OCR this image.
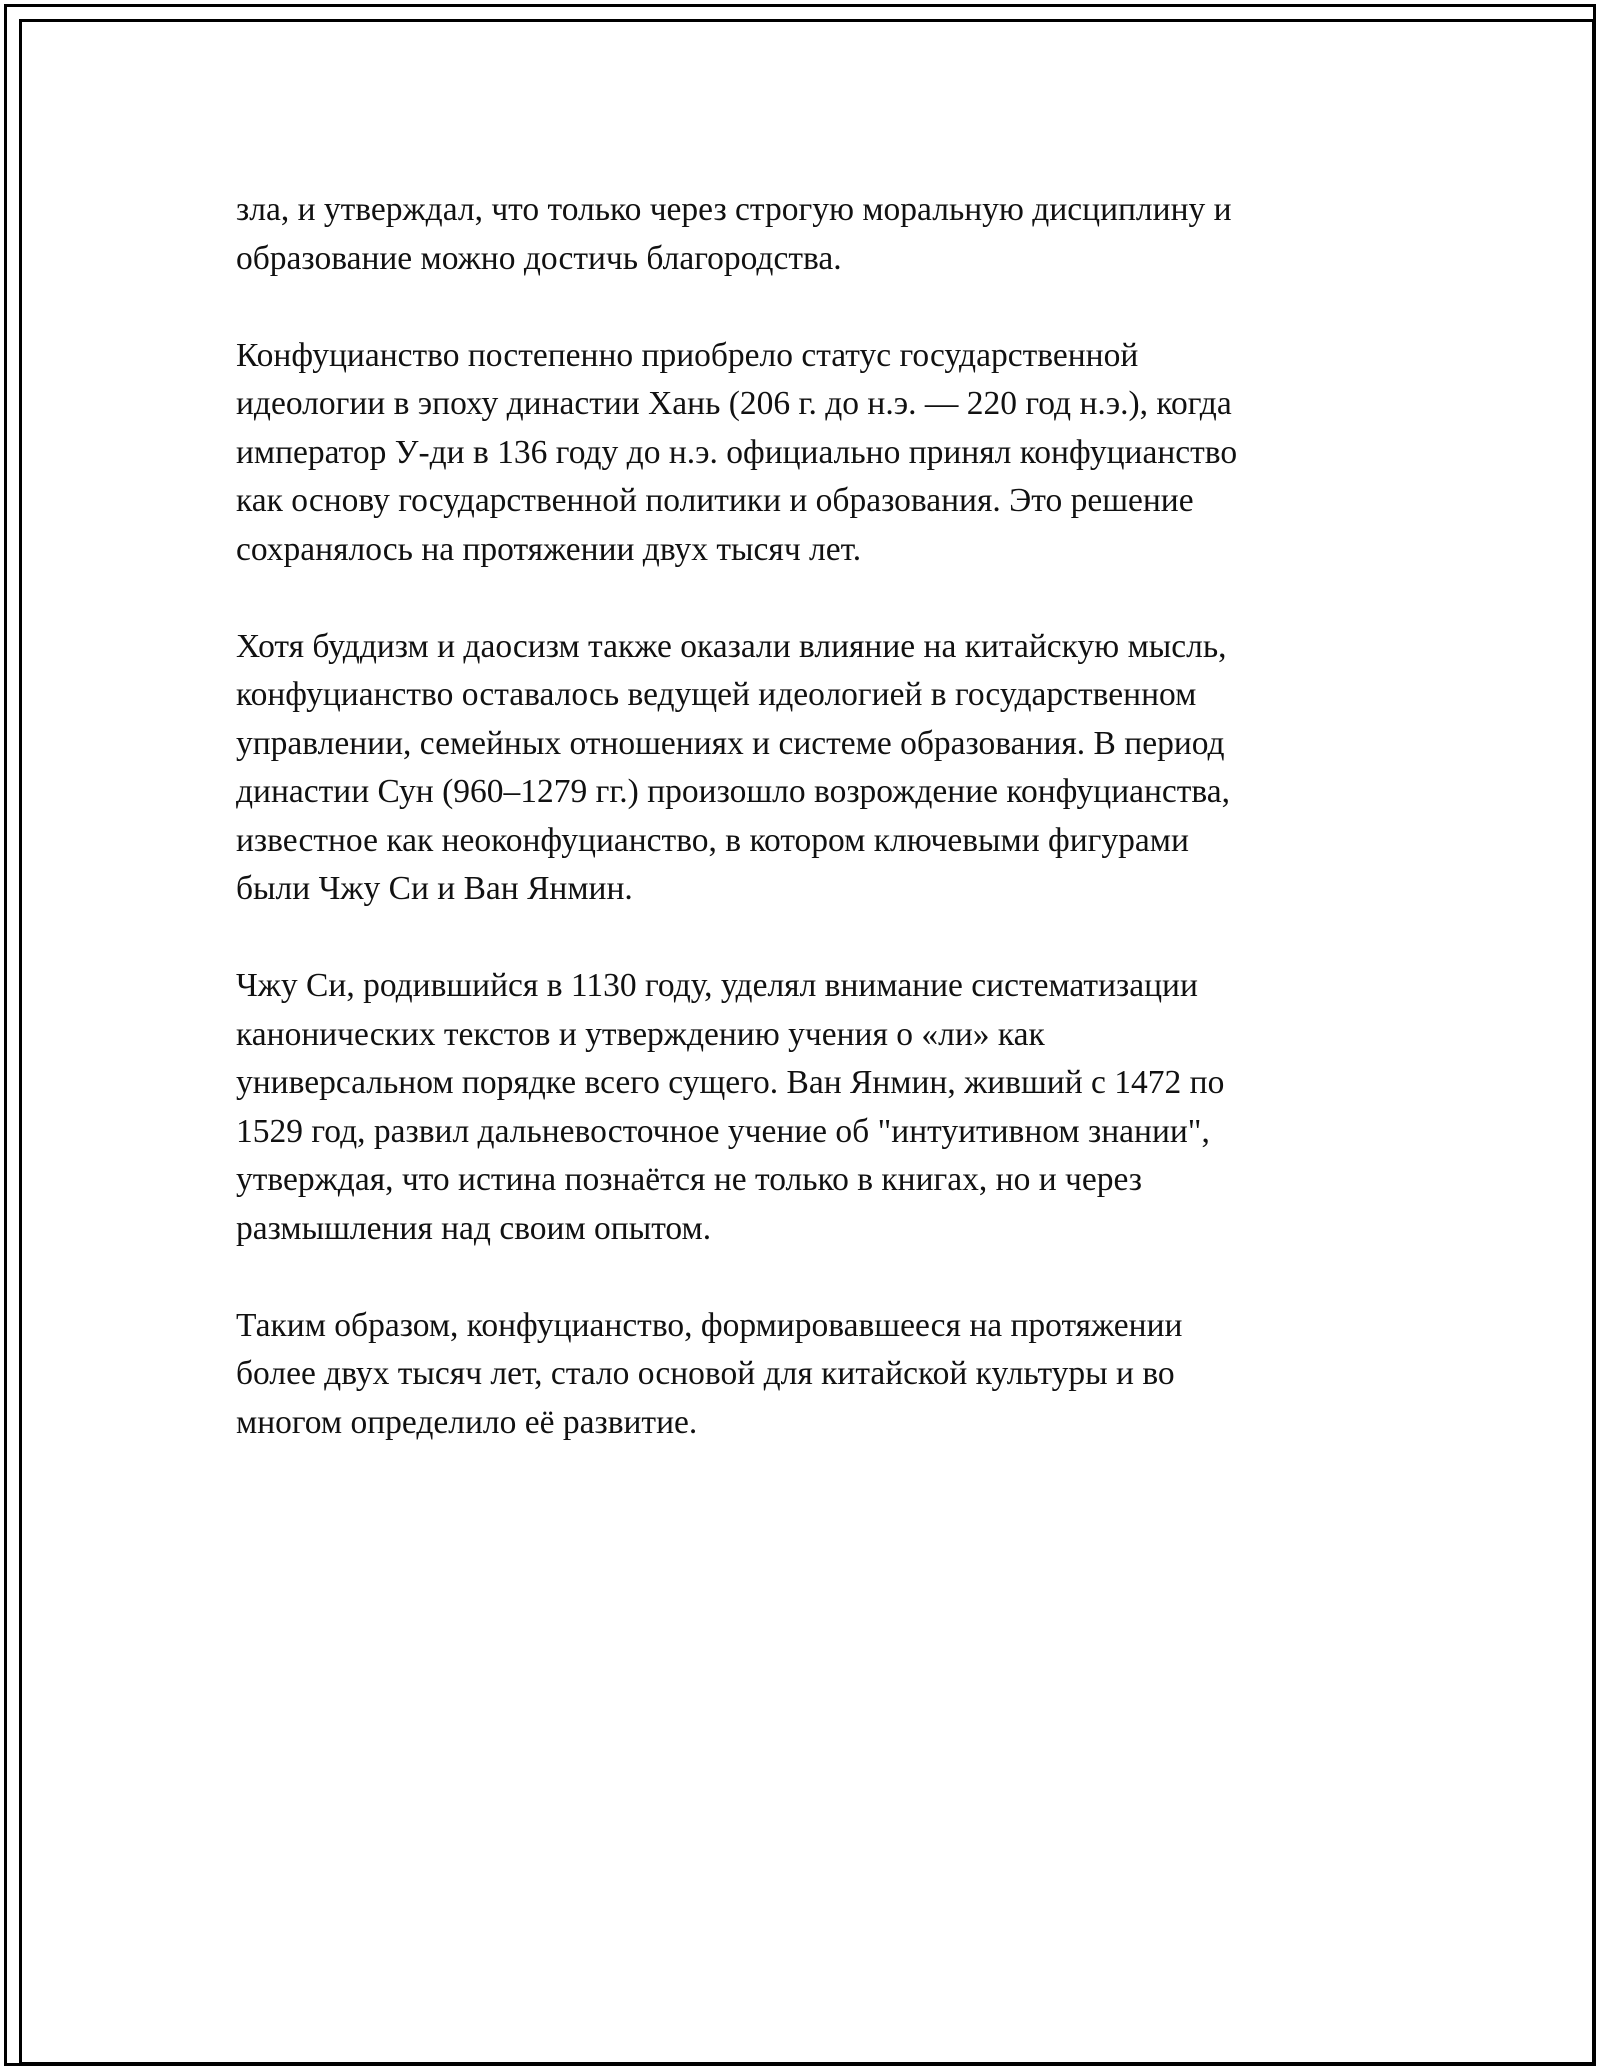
зла, и утверждал, что только через строгую моральную дисциплину и
образование можно достичь благородства.

Конфуцианство постепенно приобрело статус государственной
идеологии в эпоху династии Хань (206 г. до н.э. — 220 год н.э.), когда
император У-ди в 136 году до н.э. официально принял конфуцианство
как основу государственной политики и образования. Это решение
сохранялось на протяжении двух тысяч лет.

Хотя буддизм и даосизм также оказали влияние на китайскую мысль,
конфуцианство оставалось ведущей идеологией в государственном
управлении, семейных отношениях и системе образования. В период
династии Сун (960–1279 гг.) произошло возрождение конфуцианства,
известное как неоконфуцианство, в котором ключевыми фигурами
были Чжу Си и Ван Янмин.

Чжу Си, родившийся в 1130 году, уделял внимание систематизации
канонических текстов и утверждению учения о «ли» как
универсальном порядке всего сущего. Ван Янмин, живший с 1472 по
1529 год, развил дальневосточное учение об "интуитивном знании",
утверждая, что истина познаётся не только в книгах, но и через
размышления над своим опытом.

Таким образом, конфуцианство, формировавшееся на протяжении
более двух тысяч лет, стало основой для китайской культуры и во
многом определило её развитие.
